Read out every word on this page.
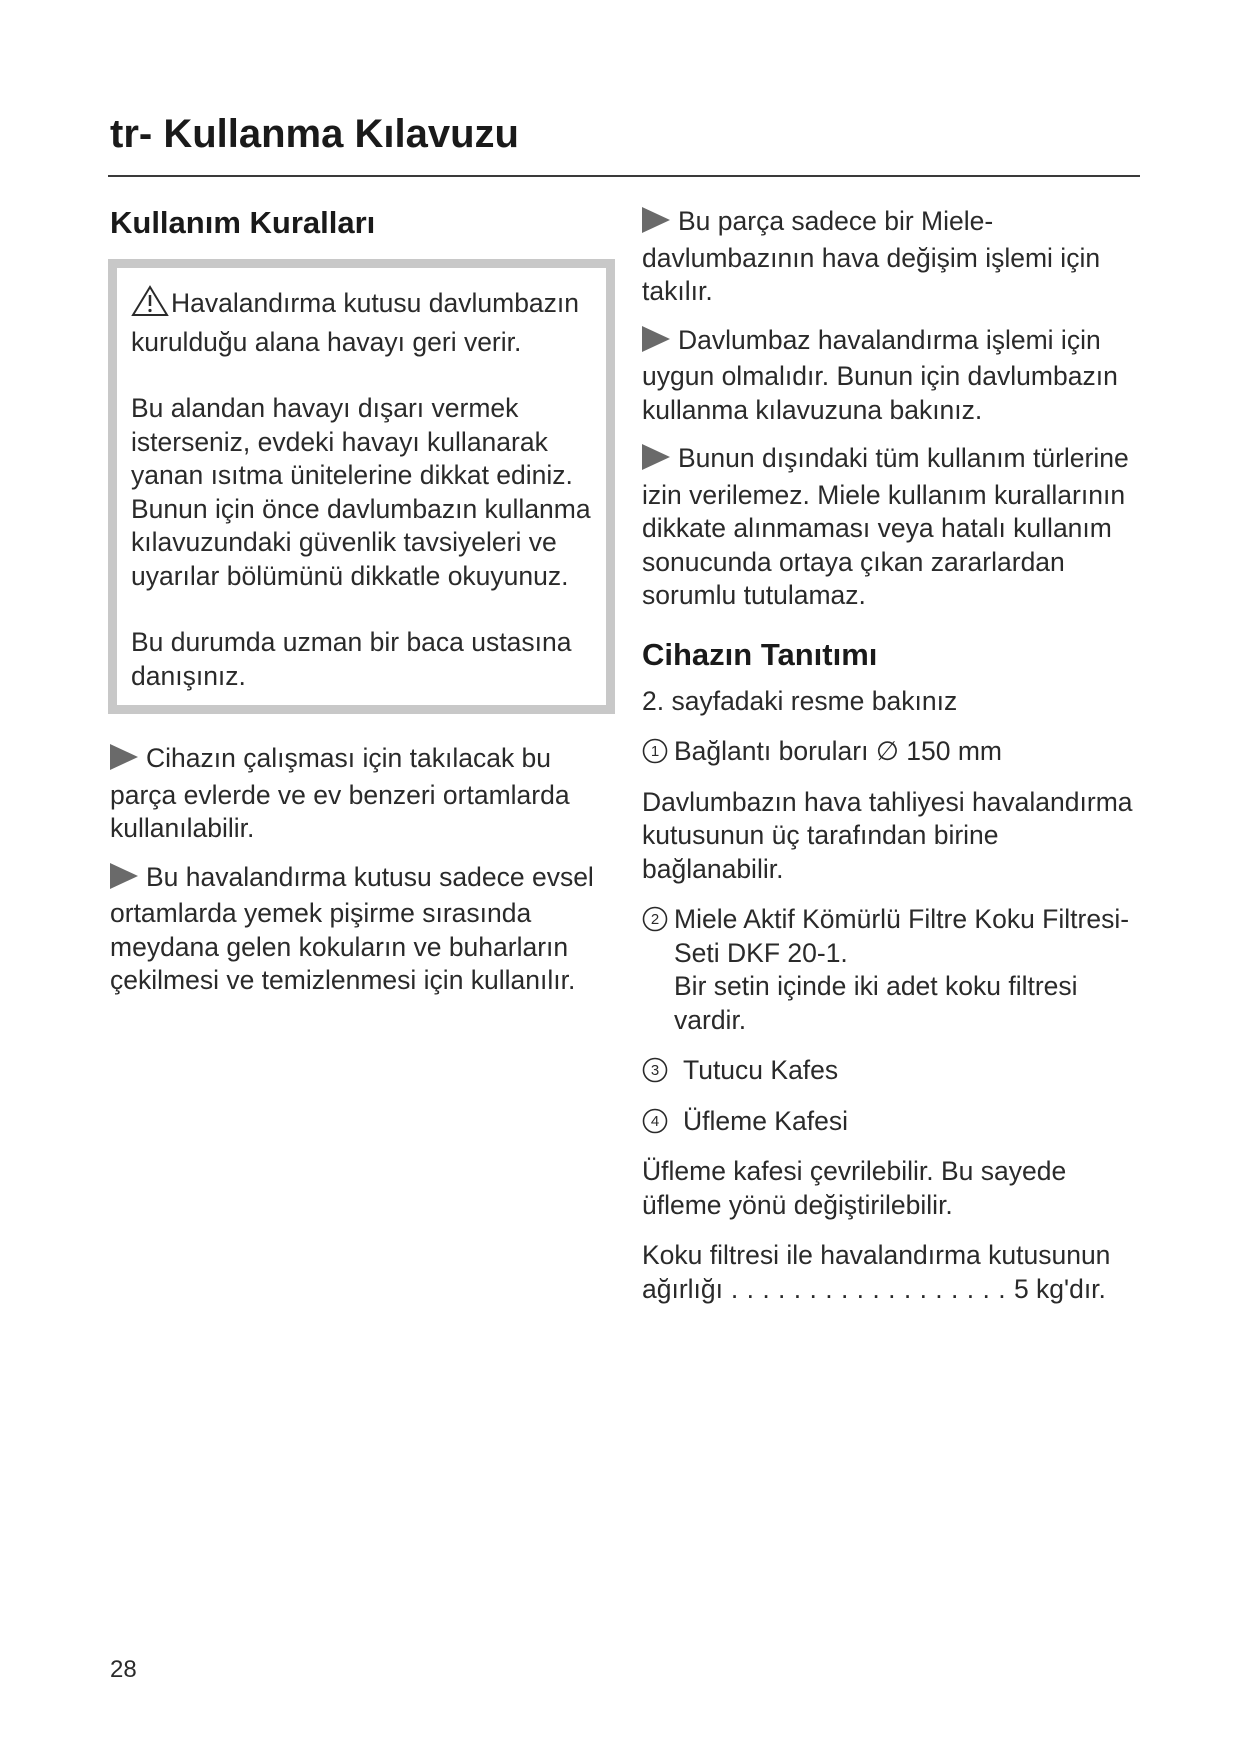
tr- Kullanma Kılavuzu
Kullanım Kuralları

Havalandırma kutusu davlumbazın kurulduğu alana havayı geri verir.

Bu alandan havayı dışarı vermek isterseniz, evdeki havayı kullanarak yanan ısıtma ünitelerine dikkat ediniz.

Bunun için önce davlumbazın kullanma kılavuzundaki güvenlik tavsiyeleri ve uyarılar bölümünü dikkatle okuyunuz.

Bu durumda uzman bir baca ustasına danışınız.

Cihazın çalışması için takılacak bu parça evlerde ve ev benzeri ortamlarda kullanılabilir.

Bu havalandırma kutusu sadece evsel ortamlarda yemek pişirme sırasında meydana gelen kokuların ve buharların çekilmesi ve temizlenmesi için kullanılır.

Bu parça sadece bir Miele-davlumbazının hava değişim işlemi için takılır.

Davlumbaz havalandırma işlemi için uygun olmalıdır. Bunun için davlumbazın kullanma kılavuzuna bakınız.

Bunun dışındaki tüm kullanım türlerine izin verilemez. Miele kullanım kurallarının dikkate alınmaması veya hatalı kullanım sonucunda ortaya çıkan zararlardan sorumlu tutulamaz.

Cihazın Tanıtımı

2. sayfadaki resme bakınız

1 Bağlantı boruları ∅ 150 mm

Davlumbazın hava tahliyesi havalandırma kutusunun üç tarafından birine bağlanabilir.

2 Miele Aktif Kömürlü Filtre Koku Filtresi-Seti DKF 20-1.
Bir setin içinde iki adet koku filtresi vardir.
3 Tutucu Kafes
4 Üfleme Kafesi

Üfleme kafesi çevrilebilir. Bu sayede üfleme yönü değiştirilebilir.

Koku filtresi ile havalandırma kutusunun ağırlığı . . . . . . . . . . . . . . . . . . 5 kg'dır.

28
